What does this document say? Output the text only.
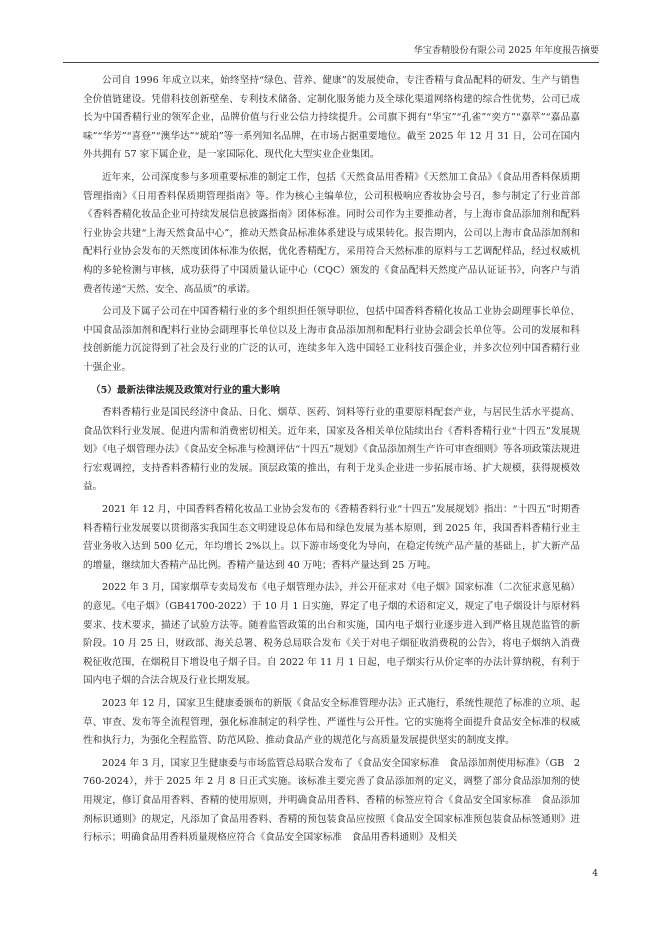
华宝香精股份有限公司 2025 年年度报告摘要

公司自 1996 年成立以来，始终坚持“绿色、营养、健康”的发展使命，专注香精与食品配料的研发、生产与销售全价值链建设。凭借科技创新壁垒、专利技术储备、定制化服务能力及全球化渠道网络构建的综合性优势，公司已成长为中国香精行业的领军企业，品牌价值与行业公信力持续提升。公司旗下拥有“华宝”“孔雀”“奕方”“嘉萃”“嘉品嘉味”“华芳”“喜登”“澳华达”“琥珀”等一系列知名品牌，在市场占据重要地位。截至 2025 年 12 月 31 日，公司在国内外共拥有 57 家下属企业，是一家国际化、现代化大型实业企业集团。

近年来，公司深度参与多项重要标准的制定工作，包括《天然食品用香精》《天然加工食品》《食品用香料保质期管理指南》《日用香料保质期管理指南》等。作为核心主编单位，公司积极响应香妆协会号召，参与制定了行业首部《香料香精化妆品企业可持续发展信息披露指南》团体标准。同时公司作为主要推动者，与上海市食品添加剂和配料行业协会共建“上海天然食品中心”，推动天然食品标准体系建设与成果转化。报告期内，公司以上海市食品添加剂和配料行业协会发布的天然度团体标准为依据，优化香精配方，采用符合天然标准的原料与工艺调配样品，经过权威机构的多轮检测与审核，成功获得了中国质量认证中心（CQC）颁发的《食品配料天然度产品认证证书》，向客户与消费者传递“天然、安全、高品质”的承诺。

公司及下属子公司在中国香精行业的多个组织担任领导职位，包括中国香料香精化妆品工业协会副理事长单位、中国食品添加剂和配料行业协会副理事长单位以及上海市食品添加剂和配料行业协会副会长单位等。公司的发展和科技创新能力沉淀得到了社会及行业的广泛的认可，连续多年入选中国轻工业科技百强企业，并多次位列中国香精行业十强企业。

（5）最新法律法规及政策对行业的重大影响

香料香精行业是国民经济中食品、日化、烟草、医药、饲料等行业的重要原料配套产业，与居民生活水平提高、食品饮料行业发展、促进内需和消费密切相关。近年来，国家及各相关单位陆续出台《香料香精行业“十四五”发展规划》《电子烟管理办法》《食品安全标准与检测评估“十四五”规划》《食品添加剂生产许可审查细则》等各项政策法规进行宏观调控，支持香料香精行业的发展。顶层政策的推出，有利于龙头企业进一步拓展市场、扩大规模，获得规模效益。

2021 年 12 月，中国香料香精化妆品工业协会发布的《香精香料行业“十四五”发展规划》指出：“十四五”时期香料香精行业发展要以贯彻落实我国生态文明建设总体布局和绿色发展为基本原则，到 2025 年，我国香料香精行业主营业务收入达到 500 亿元，年均增长 2%以上。以下游市场变化为导向，在稳定传统产品产量的基础上，扩大新产品的增量，继续加大香精产品比例。香精产量达到 40 万吨；香料产量达到 25 万吨。

2022 年 3 月，国家烟草专卖局发布《电子烟管理办法》，并公开征求对《电子烟》国家标准（二次征求意见稿）的意见。《电子烟》（GB41700-2022）于 10 月 1 日实施，界定了电子烟的术语和定义，规定了电子烟设计与原材料要求、技术要求，描述了试验方法等。随着监管政策的出台和实施，国内电子烟行业逐步进入到严格且规范监管的新阶段。10 月 25 日，财政部、海关总署、税务总局联合发布《关于对电子烟征收消费税的公告》，将电子烟纳入消费税征收范围，在烟税目下增设电子烟子目。自 2022 年 11 月 1 日起，电子烟实行从价定率的办法计算纳税，有利于国内电子烟的合法合规及行业长期发展。

2023 年 12 月，国家卫生健康委颁布的新版《食品安全标准管理办法》正式施行，系统性规范了标准的立项、起草、审查、发布等全流程管理，强化标准制定的科学性、严谨性与公开性。它的实施将全面提升食品安全标准的权威性和执行力，为强化全程监管、防范风险、推动食品产业的规范化与高质量发展提供坚实的制度支撑。

2024 年 3 月，国家卫生健康委与市场监管总局联合发布了《食品安全国家标准　食品添加剂使用标准》（GB　2760-2024），并于 2025 年 2 月 8 日正式实施。该标准主要完善了食品添加剂的定义，调整了部分食品添加剂的使用规定，修订食品用香料、香精的使用原则，并明确食品用香料、香精的标签应符合《食品安全国家标准　食品添加剂标识通则》的规定，凡添加了食品用香料、香精的预包装食品应按照《食品安全国家标准预包装食品标签通则》进行标示；明确食品用香料质量规格应符合《食品安全国家标准　食品用香料通则》及相关

4
